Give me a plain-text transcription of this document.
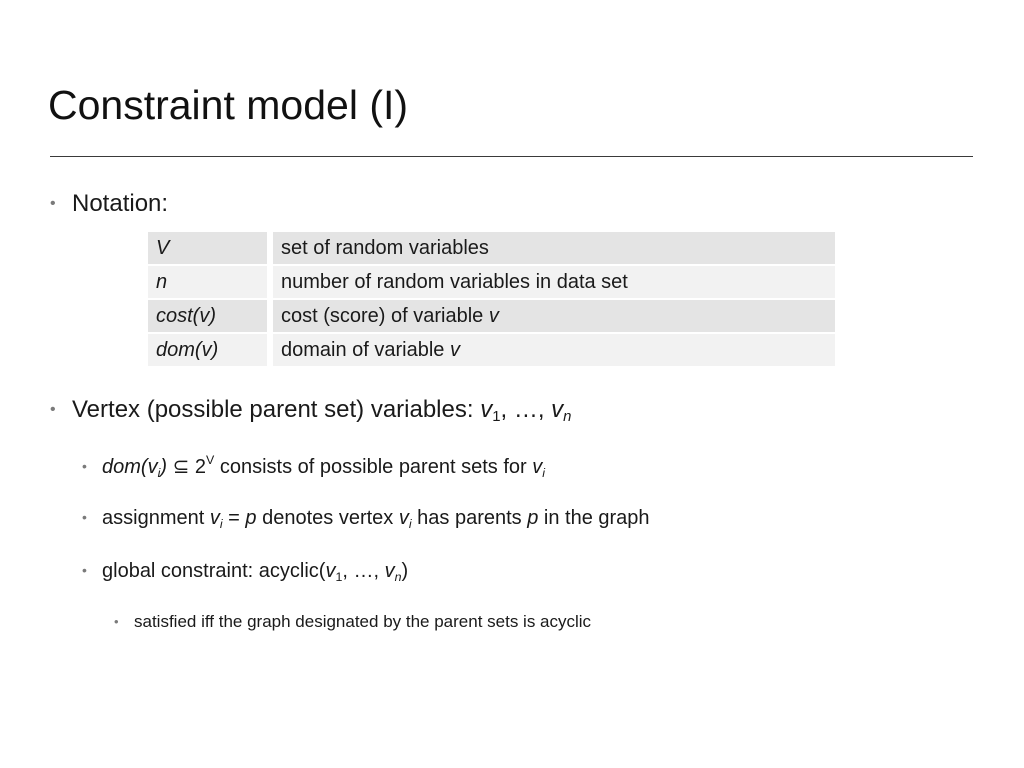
Constraint model (I)
• Notation:
V	set of random variables
n	number of random variables in data set
cost(v)	cost (score) of variable v
dom(v)	domain of variable v
• Vertex (possible parent set) variables: $v_1$, …, $v_n$
• $dom(v_i)$ ⊆ $2^V$ consists of possible parent sets for $v_i$
• assignment $v_i = p$ denotes vertex $v_i$ has parents p in the graph
• global constraint: $acyclic(v_1$, …, $v_n$)
• satisfied iff the graph designated by the parent sets is acyclic
